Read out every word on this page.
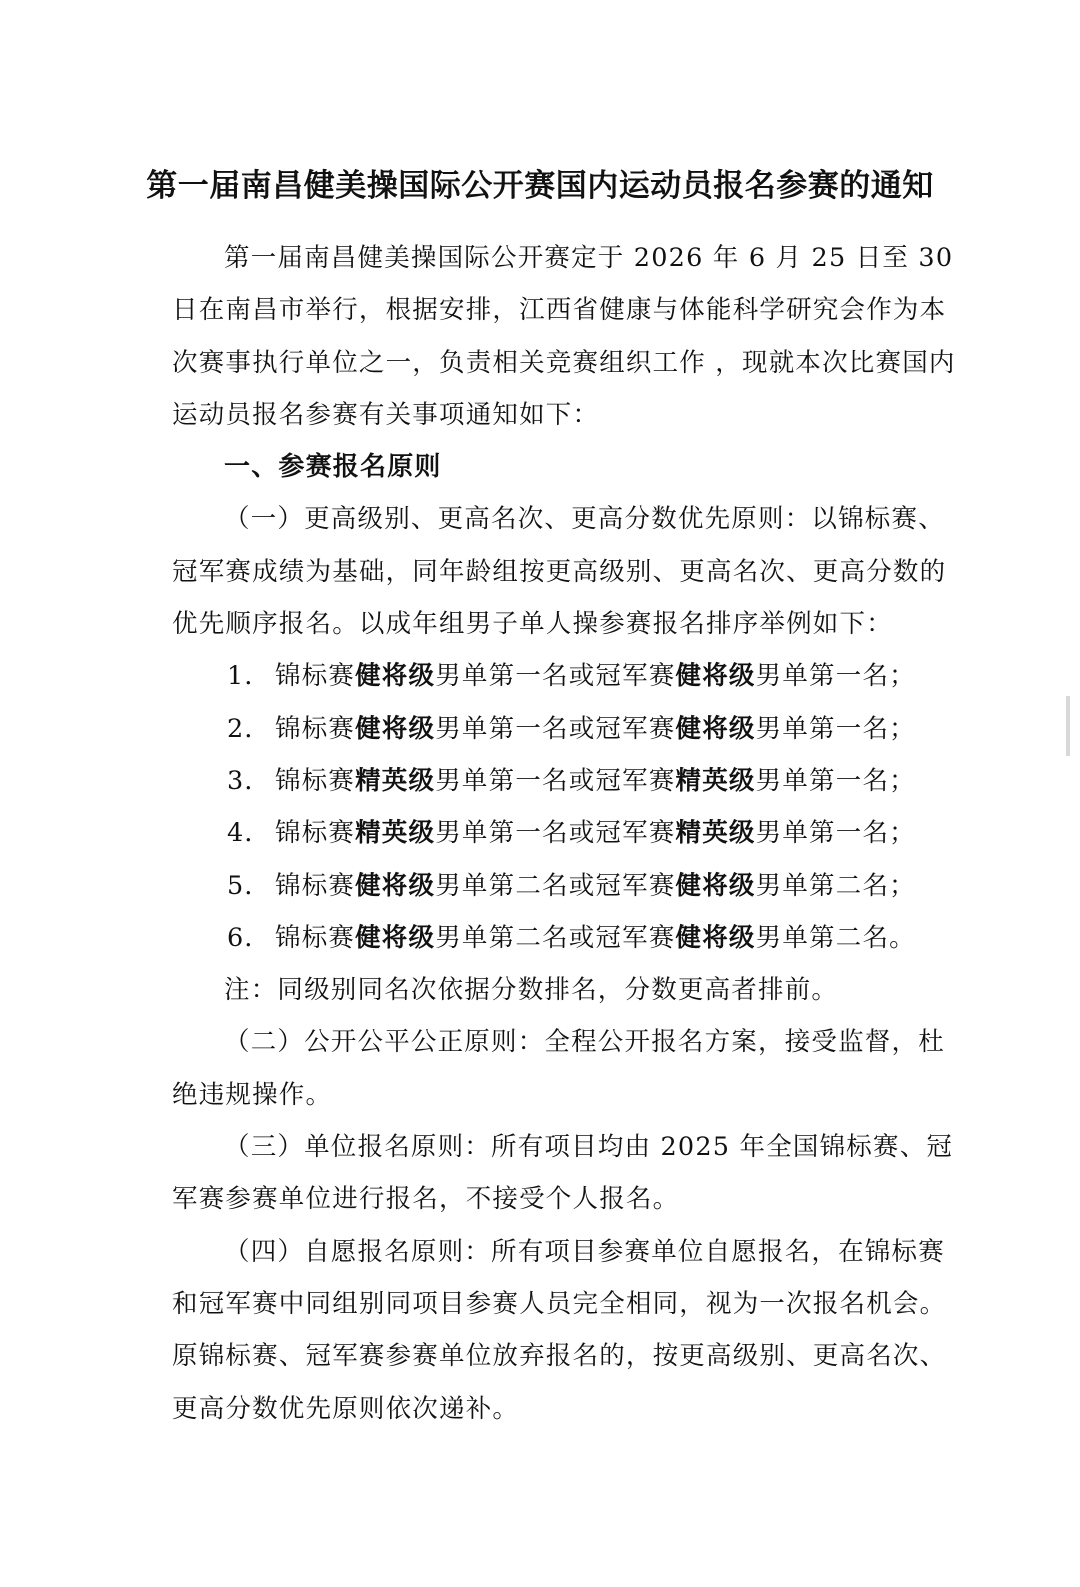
第一届南昌健美操国际公开赛国内运动员报名参赛的通知

第一届南昌健美操国际公开赛定于 2026 年 6 月 25 日至 30 日在南昌市举行，根据安排，江西省健康与体能科学研究会作为本次赛事执行单位之一，负责相关竞赛组织工作 ，现就本次比赛国内运动员报名参赛有关事项通知如下：

一、参赛报名原则

（一）更高级别、更高名次、更高分数优先原则：以锦标赛、冠军赛成绩为基础，同年龄组按更高级别、更高名次、更高分数的优先顺序报名。以成年组男子单人操参赛报名排序举例如下：

1． 锦标赛健将级男单第一名或冠军赛健将级男单第一名；
2． 锦标赛健将级男单第一名或冠军赛健将级男单第一名；
3． 锦标赛精英级男单第一名或冠军赛精英级男单第一名；
4． 锦标赛精英级男单第一名或冠军赛精英级男单第一名；
5． 锦标赛健将级男单第二名或冠军赛健将级男单第二名；
6． 锦标赛健将级男单第二名或冠军赛健将级男单第二名。

注：同级别同名次依据分数排名，分数更高者排前。

（二）公开公平公正原则：全程公开报名方案，接受监督，杜绝违规操作。

（三）单位报名原则：所有项目均由 2025 年全国锦标赛、冠军赛参赛单位进行报名，不接受个人报名。

（四）自愿报名原则：所有项目参赛单位自愿报名，在锦标赛和冠军赛中同组别同项目参赛人员完全相同，视为一次报名机会。原锦标赛、冠军赛参赛单位放弃报名的，按更高级别、更高名次、更高分数优先原则依次递补。
